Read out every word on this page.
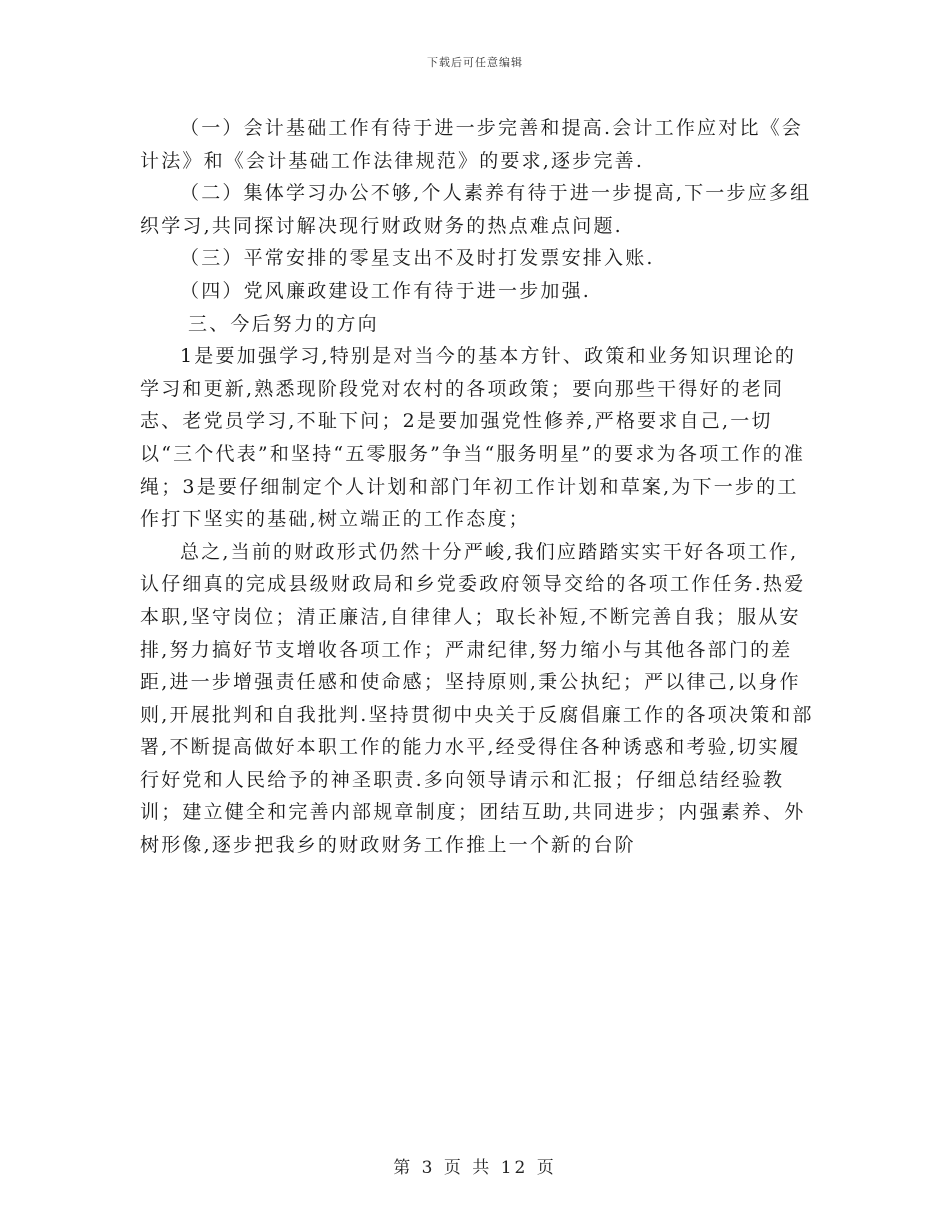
下载后可任意编辑

（一）会计基础工作有待于进一步完善和提高.会计工作应对比《会计法》和《会计基础工作法律规范》的要求,逐步完善.

（二）集体学习办公不够,个人素养有待于进一步提高,下一步应多组织学习,共同探讨解决现行财政财务的热点难点问题.

（三）平常安排的零星支出不及时打发票安排入账.

（四）党风廉政建设工作有待于进一步加强.

三、今后努力的方向

1是要加强学习,特别是对当今的基本方针、政策和业务知识理论的学习和更新,熟悉现阶段党对农村的各项政策；要向那些干得好的老同志、老党员学习,不耻下问；2是要加强党性修养,严格要求自己,一切以“三个代表”和坚持“五零服务”争当“服务明星”的要求为各项工作的准绳；3是要仔细制定个人计划和部门年初工作计划和草案,为下一步的工作打下坚实的基础,树立端正的工作态度；

总之,当前的财政形式仍然十分严峻,我们应踏踏实实干好各项工作,认仔细真的完成县级财政局和乡党委政府领导交给的各项工作任务.热爱本职,坚守岗位；清正廉洁,自律律人；取长补短,不断完善自我；服从安排,努力搞好节支增收各项工作；严肃纪律,努力缩小与其他各部门的差距,进一步增强责任感和使命感；坚持原则,秉公执纪；严以律己,以身作则,开展批判和自我批判.坚持贯彻中央关于反腐倡廉工作的各项决策和部署,不断提高做好本职工作的能力水平,经受得住各种诱惑和考验,切实履行好党和人民给予的神圣职责.多向领导请示和汇报；仔细总结经验教训；建立健全和完善内部规章制度；团结互助,共同进步；内强素养、外树形像,逐步把我乡的财政财务工作推上一个新的台阶

第 3 页 共 12 页
